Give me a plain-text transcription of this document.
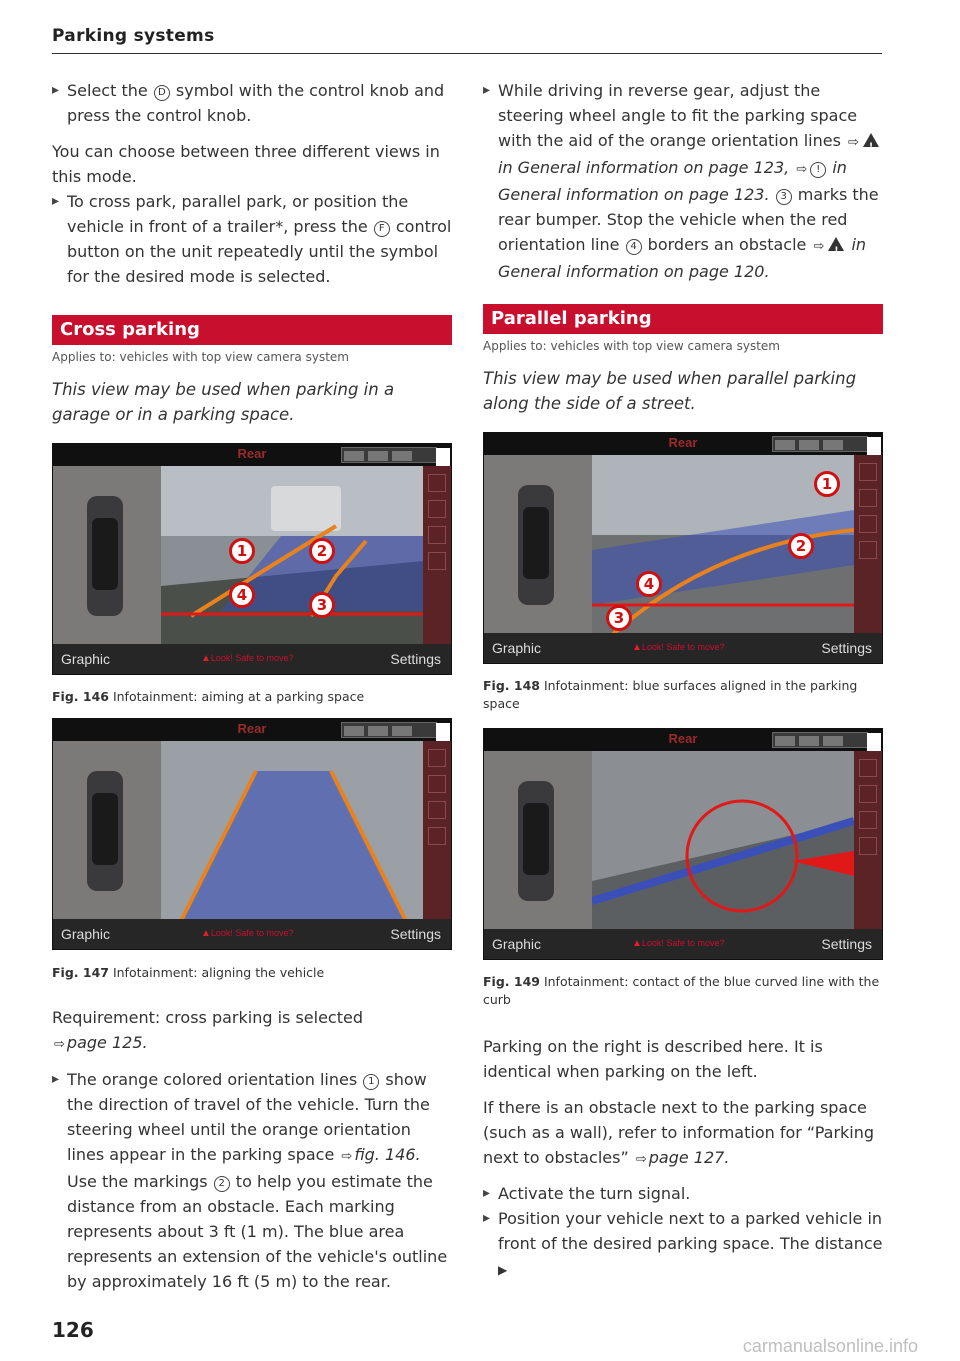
Parking systems
▸ Select the D symbol with the control knob and press the control knob.
You can choose between three different views in this mode.
▸ To cross park, parallel park, or position the vehicle in front of a trailer*, press the F control button on the unit repeatedly until the symbol for the desired mode is selected.
Cross parking
Applies to: vehicles with top view camera system
This view may be used when parking in a garage or in a parking space.
Rear
Graphic	▲ Look! Safe to move?	Settings
1	2
4
3
Fig. 146 Infotainment: aiming at a parking space
Rear
Graphic	▲ Look! Safe to move?	Settings
Fig. 147 Infotainment: aligning the vehicle
Requirement: cross parking is selected
⇨ page 125.
▸ The orange colored orientation lines 1 show the direction of travel of the vehicle. Turn the steering wheel until the orange orientation lines appear in the parking space ⇨ fig. 146. Use the markings 2 to help you estimate the distance from an obstacle. Each marking represents about 3 ft (1 m). The blue area represents an extension of the vehicle's outline by approximately 16 ft (5 m) to the rear.
▸ While driving in reverse gear, adjust the steering wheel angle to fit the parking space with the aid of the orange orientation lines ⇨! in General information on page 123, ⇨ ! in General information on page 123. 3 marks the rear bumper. Stop the vehicle when the red orientation line 4 borders an obstacle ⇨ ! in General information on page 120.
Parallel parking
Applies to: vehicles with top view camera system
This view may be used when parallel parking along the side of a street.
Rear
Graphic	▲ Look! Safe to move?	Settings
1
2
4
3
Fig. 148 Infotainment: blue surfaces aligned in the parking space
Rear
Graphic	▲ Look! Safe to move?	Settings
Fig. 149 Infotainment: contact of the blue curved line with the curb
Parking on the right is described here. It is identical when parking on the left.
If there is an obstacle next to the parking space (such as a wall), refer to information for “Parking next to obstacles” ⇨ page 127.
▸ Activate the turn signal.
▸ Position your vehicle next to a parked vehicle in front of the desired parking space. The distance ▶
126
carmanualsonline.info
